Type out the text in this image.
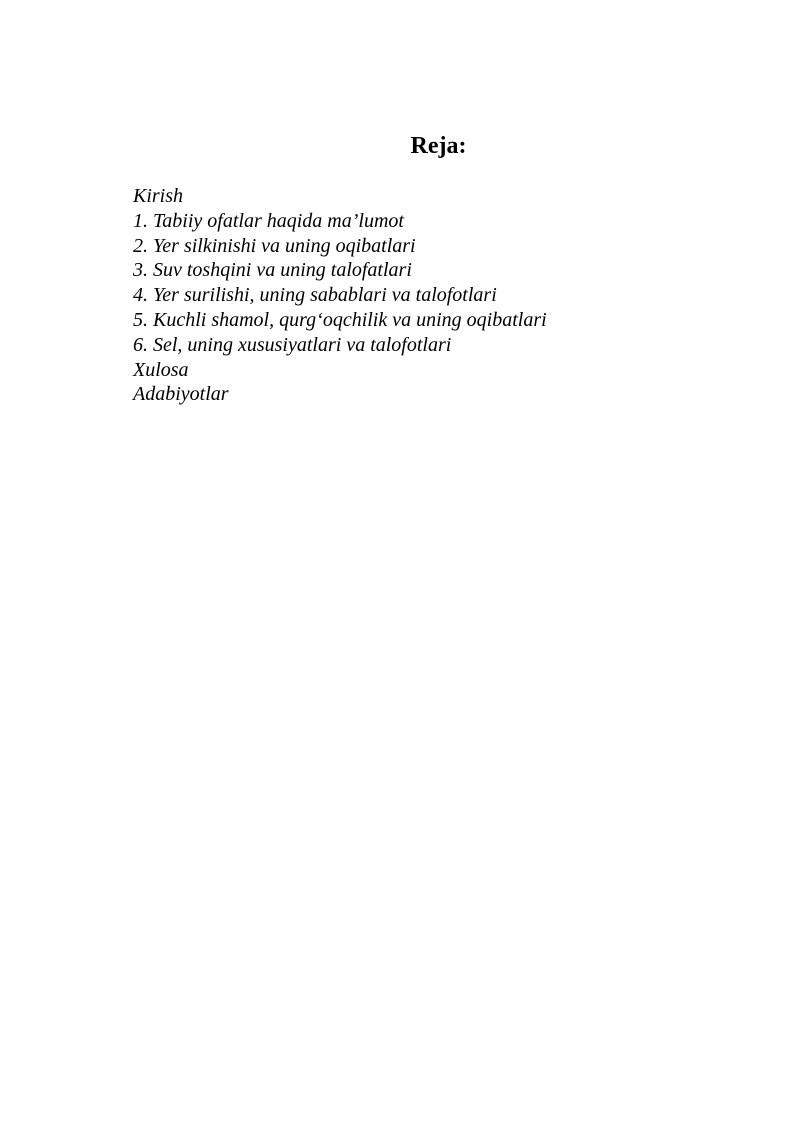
Reja:
Kirish
1. Tabiiy ofatlar haqida ma’lumot
2. Yer silkinishi va uning oqibatlari
3. Suv toshqini va uning talofatlari
4. Yer surilishi, uning sabablari va talofotlari
5. Kuchli shamol, qurg‘oqchilik va uning oqibatlari
6. Sel, uning xususiyatlari va talofotlari
Xulosa
Adabiyotlar
